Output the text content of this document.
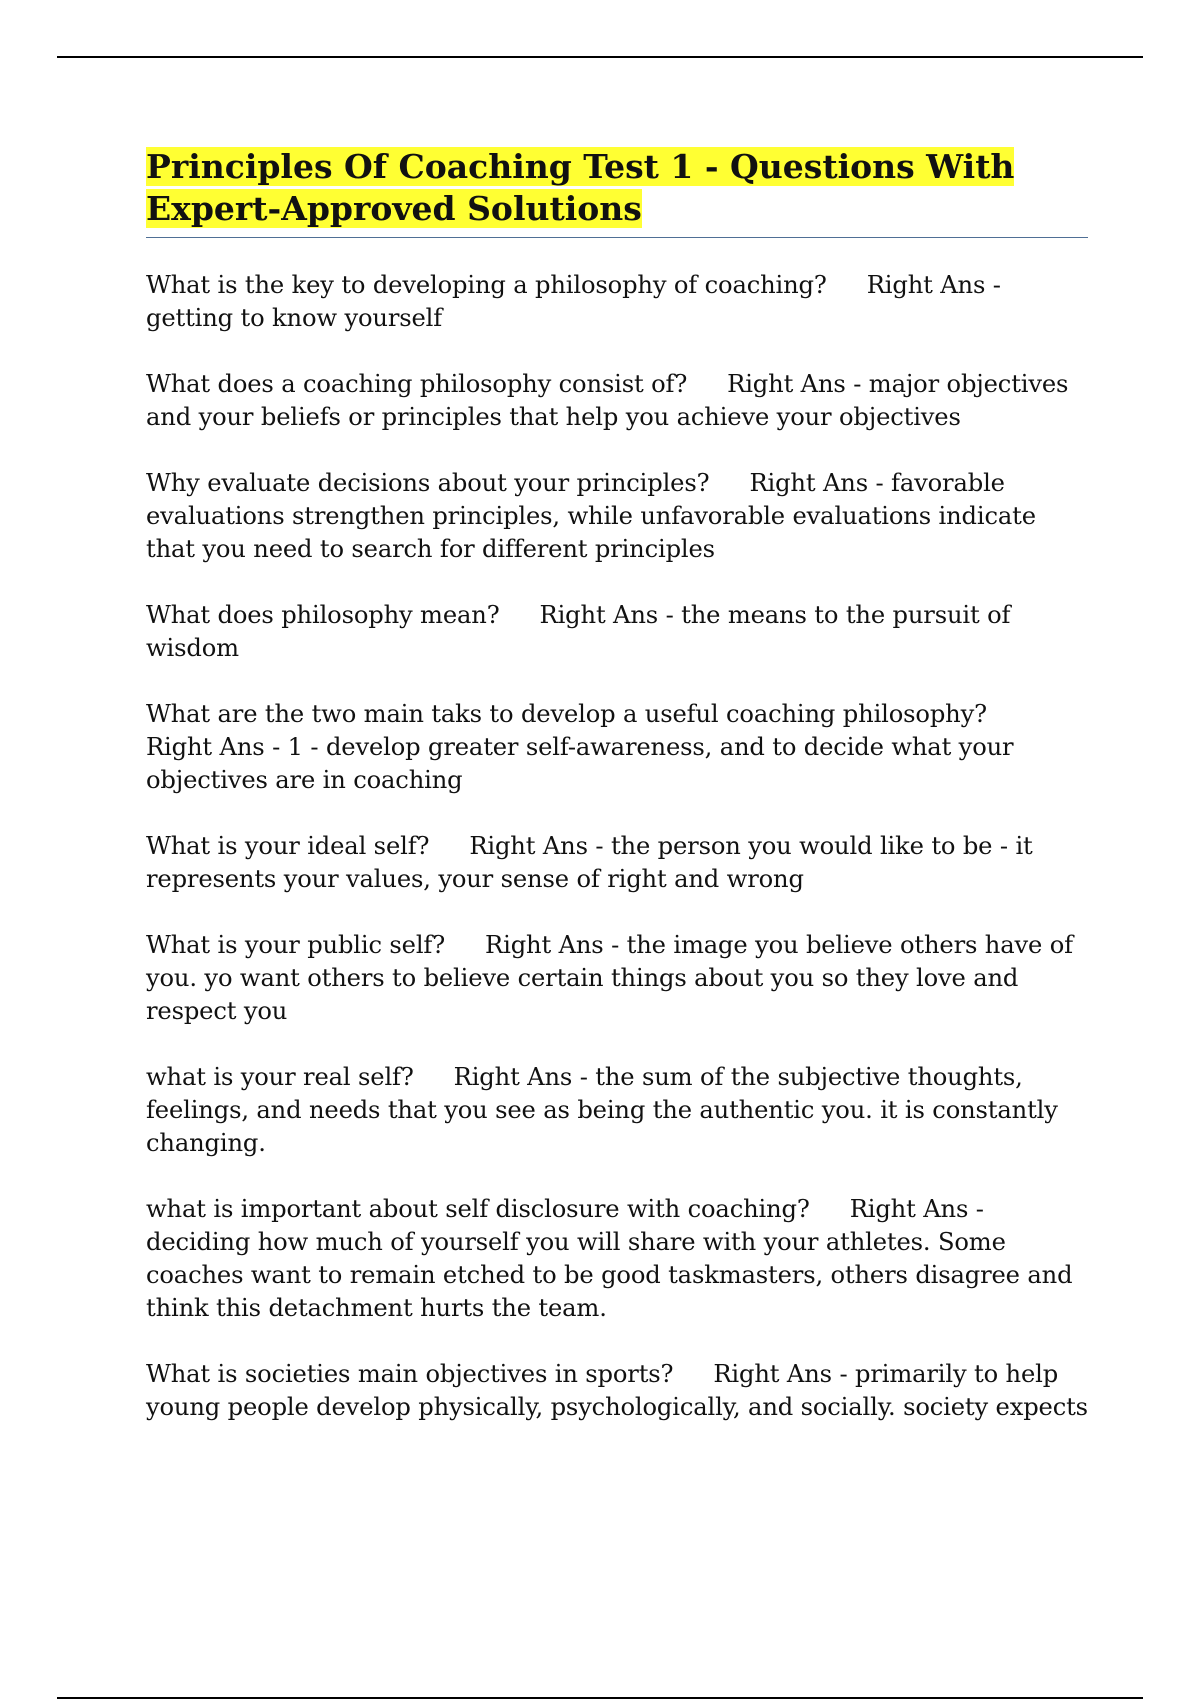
Principles Of Coaching Test 1 - Questions With Expert-Approved Solutions

What is the key to developing a philosophy of coaching? Right Ans - getting to know yourself

What does a coaching philosophy consist of? Right Ans - major objectives and your beliefs or principles that help you achieve your objectives

Why evaluate decisions about your principles? Right Ans - favorable evaluations strengthen principles, while unfavorable evaluations indicate that you need to search for different principles

What does philosophy mean? Right Ans - the means to the pursuit of wisdom

What are the two main taks to develop a useful coaching philosophy?Right Ans - 1 - develop greater self-awareness, and to decide what your objectives are in coaching

What is your ideal self? Right Ans - the person you would like to be - it represents your values, your sense of right and wrong

What is your public self? Right Ans - the image you believe others have of you. yo want others to believe certain things about you so they love and respect you

what is your real self? Right Ans - the sum of the subjective thoughts, feelings, and needs that you see as being the authentic you. it is constantly changing.

what is important about self disclosure with coaching? Right Ans - deciding how much of yourself you will share with your athletes. Some coaches want to remain etched to be good taskmasters, others disagree and think this detachment hurts the team.

What is societies main objectives in sports? Right Ans - primarily to help young people develop physically, psychologically, and socially. society expects
